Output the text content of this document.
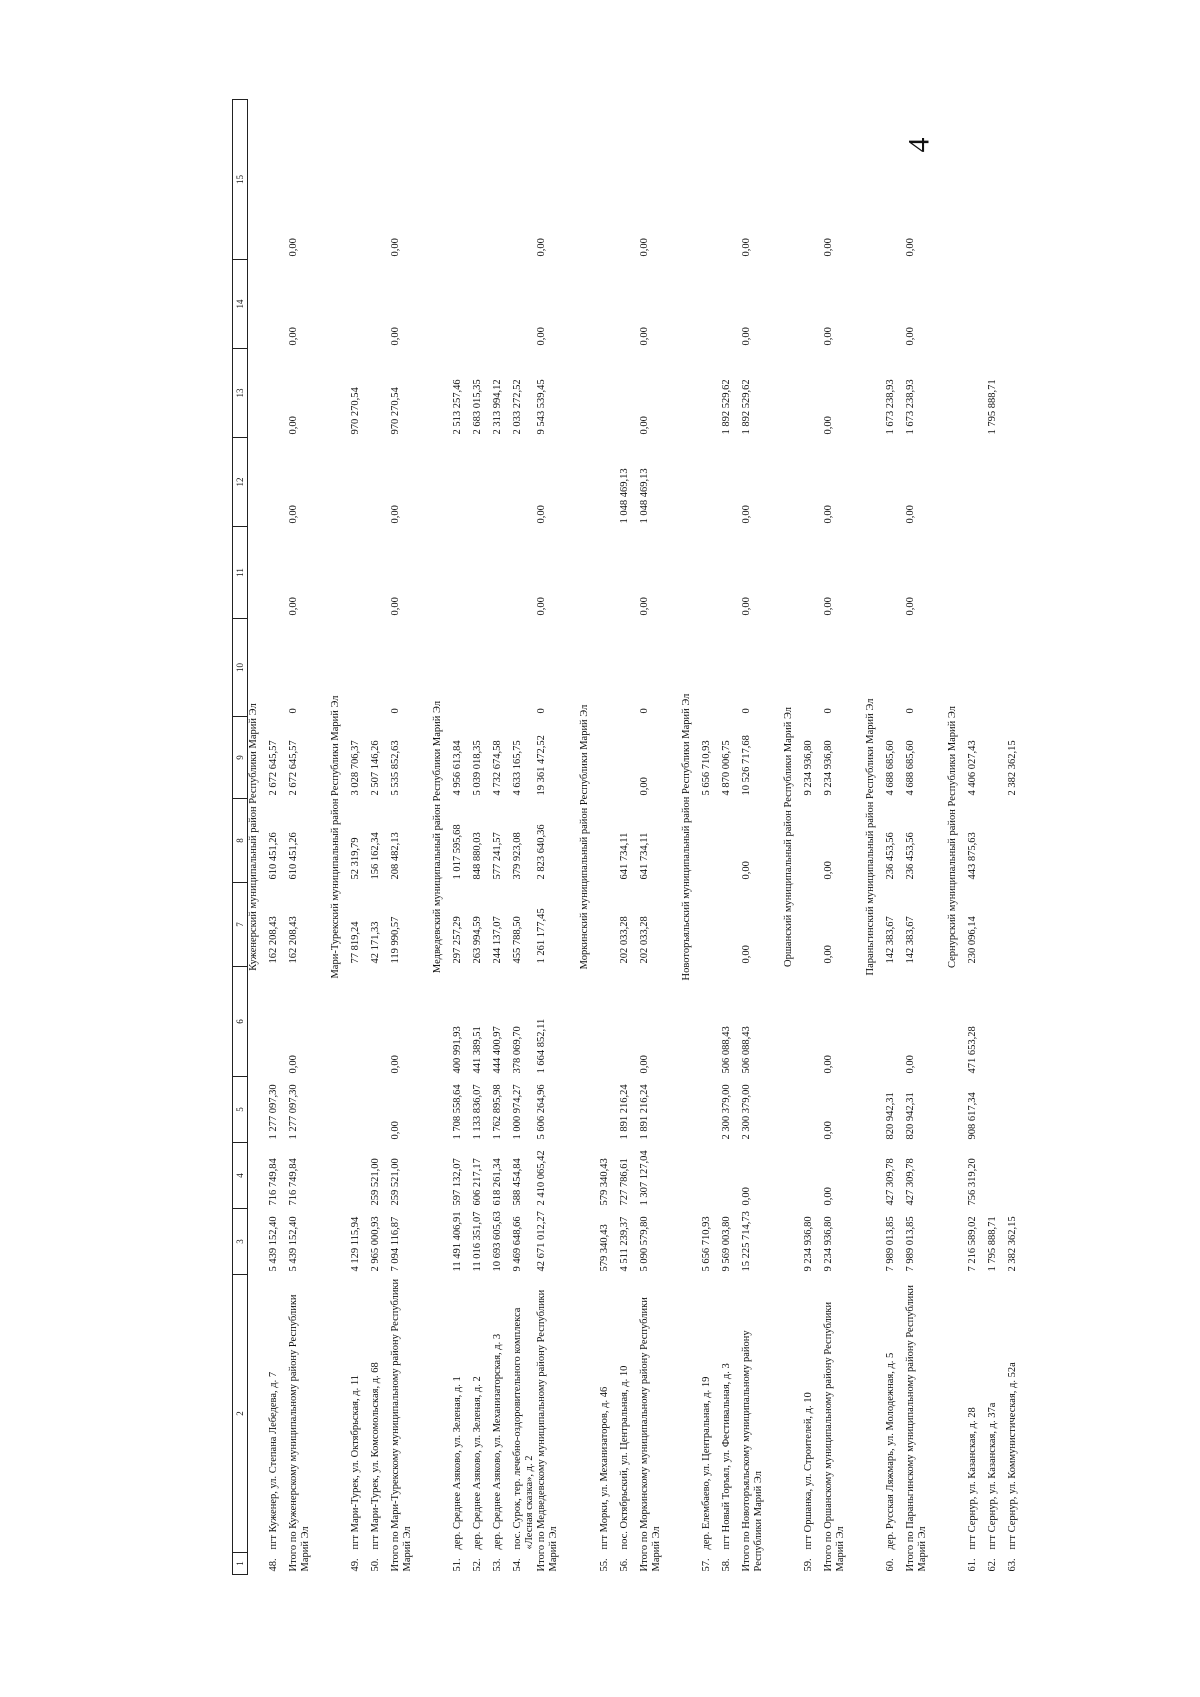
4
1	2	3	4	5	6	7	8	9	10	11	12	13	14	15
Куженерский муниципальный район Республики Марий Эл														
48.	пгт Куженер, ул. Степана Лебедева, д. 7	5 439 152,40	716 749,84	1 277 097,30		162 208,43	610 451,26	2 672 645,57						
Итого по Куженерскому муниципальному району Республики Марий Эл		5 439 152,40	716 749,84	1 277 097,30	0,00	162 208,43	610 451,26	2 672 645,57	0	0,00	0,00	0,00	0,00	0,00

Мари-Турекский муниципальный район Республики Марий Эл														
49.	пгт Мари-Турек, ул. Октябрьская, д. 11	4 129 115,94				77 819,24	52 319,79	3 028 706,37				970 270,54		
50.	пгт Мари-Турек, ул. Комсомольская, д. 68	2 965 000,93	259 521,00			42 171,33	156 162,34	2 507 146,26						
Итого по Мари-Турекскому муниципальному району Республики Марий Эл		7 094 116,87	259 521,00	0,00	0,00	119 990,57	208 482,13	5 535 852,63	0	0,00	0,00	970 270,54	0,00	0,00

Медведевский муниципальный район Республики Марий Эл														
51.	дер. Среднее Азяково, ул. Зеленая, д. 1	11 491 406,91	597 132,07	1 708 558,64	400 991,93	297 257,29	1 017 595,68	4 956 613,84				2 513 257,46		
52.	дер. Среднее Азяково, ул. Зеленая, д. 2	11 016 351,07	606 217,17	1 133 836,07	441 389,51	263 994,59	848 880,03	5 039 018,35				2 683 015,35		
53.	дер. Среднее Азяково, ул. Механизаторская, д. 3	10 693 605,63	618 261,34	1 762 895,98	444 400,97	244 137,07	577 241,57	4 732 674,58				2 313 994,12		
54.	пос. Сурок, тер. лечебно-оздоровительного комплекса «Лесная сказка», д. 2	9 469 648,66	588 454,84	1 000 974,27	378 069,70	455 788,50	379 923,08	4 633 165,75				2 033 272,52		
Итого по Медведевскому муниципальному району Республики Марий Эл		42 671 012,27	2 410 065,42	5 606 264,96	1 664 852,11	1 261 177,45	2 823 640,36	19 361 472,52	0	0,00	0,00	9 543 539,45	0,00	0,00

Моркинский муниципальный район Республики Марий Эл														
55.	пгт Морки, ул. Механизаторов, д. 46	579 340,43	579 340,43											
56.	пос. Октябрьский, ул. Центральная, д. 10	4 511 239,37	727 786,61	1 891 216,24		202 033,28	641 734,11				1 048 469,13			
Итого по Моркинскому муниципальному району Республики Марий Эл		5 090 579,80	1 307 127,04	1 891 216,24	0,00	202 033,28	641 734,11	0,00	0	0,00	1 048 469,13	0,00	0,00	0,00

Новоторъяльский муниципальный район Республики Марий Эл														
57.	дер. Елембаево, ул. Центральная, д. 19	5 656 710,93						5 656 710,93						
58.	пгт Новый Торъял, ул. Фестивальная, д. 3	9 569 003,80		2 300 379,00	506 088,43			4 870 006,75				1 892 529,62		
Итого по Новоторъяльскому муниципальному району Республики Марий Эл		15 225 714,73	0,00	2 300 379,00	506 088,43	0,00	0,00	10 526 717,68	0	0,00	0,00	1 892 529,62	0,00	0,00

Оршанский муниципальный район Республики Марий Эл														
59.	пгт Оршанка, ул. Строителей, д. 10	9 234 936,80						9 234 936,80						
Итого по Оршанскому муниципальному району Республики Марий Эл		9 234 936,80	0,00	0,00	0,00	0,00	0,00	9 234 936,80	0	0,00	0,00	0,00	0,00	0,00

Параньгинский муниципальный район Республики Марий Эл														
60.	дер. Русская Ляжмарь, ул. Молодежная, д. 5	7 989 013,85	427 309,78	820 942,31		142 383,67	236 453,56	4 688 685,60				1 673 238,93		
Итого по Параньгинскому муниципальному району Республики Марий Эл		7 989 013,85	427 309,78	820 942,31	0,00	142 383,67	236 453,56	4 688 685,60	0	0,00	0,00	1 673 238,93	0,00	0,00

Сернурский муниципальный район Республики Марий Эл														
61.	пгт Сернур, ул. Казанская, д. 28	7 216 589,02	756 319,20	908 617,34	471 653,28	230 096,14	443 875,63	4 406 027,43						
62.	пгт Сернур, ул. Казанская, д. 37а	1 795 888,71										1 795 888,71		
63.	пгт Сернур, ул. Коммунистическая, д. 52а	2 382 362,15						2 382 362,15						
